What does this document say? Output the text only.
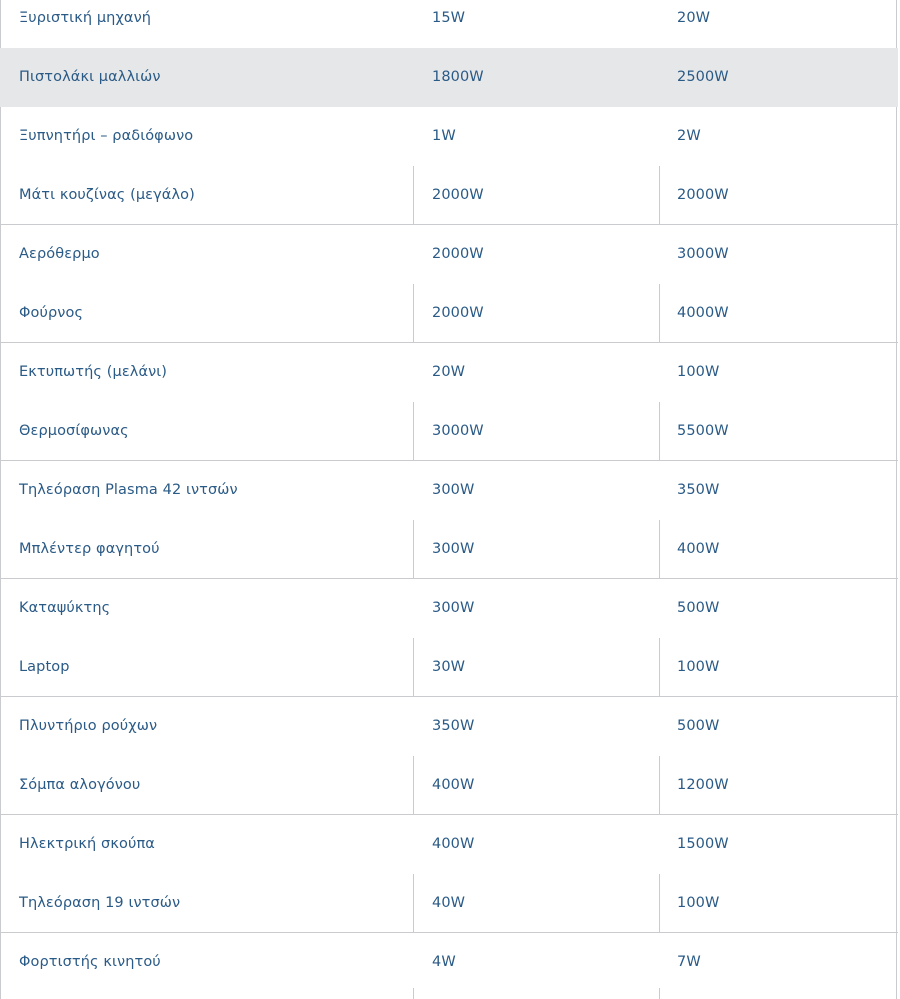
Ξυριστική μηχανή	15W	20W
Πιστολάκι μαλλιών	1800W	2500W
Ξυπνητήρι – ραδιόφωνο	1W	2W
Μάτι κουζίνας (μεγάλο)	2000W	2000W
Αερόθερμο	2000W	3000W
Φούρνος	2000W	4000W
Εκτυπωτής (μελάνι)	20W	100W
Θερμοσίφωνας	3000W	5500W
Τηλεόραση Plasma 42 ιντσών	300W	350W
Μπλέντερ φαγητού	300W	400W
Καταψύκτης	300W	500W
Laptop	30W	100W
Πλυντήριο ρούχων	350W	500W
Σόμπα αλογόνου	400W	1200W
Ηλεκτρική σκούπα	400W	1500W
Τηλεόραση 19 ιντσών	40W	100W
Φορτιστής κινητού	4W	7W
